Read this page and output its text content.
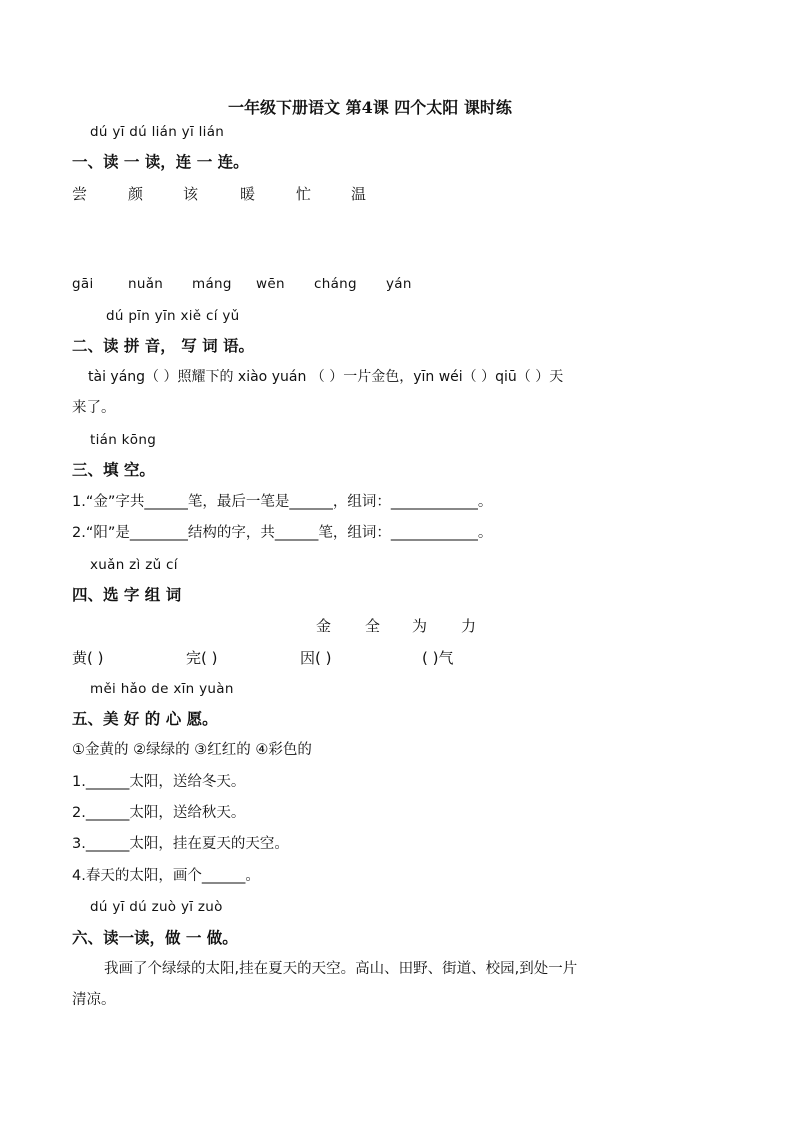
一年级下册语文 第4课 四个太阳 课时练
dú yī dú lián yī lián
一、读 一 读，连 一 连。
尝	颜	该	暖	忙	温
gāi	nuǎn máng wēn cháng yán
dú pīn yīn xiě cí yǔ
二、读 拼 音， 写 词 语。
tài yáng（ ）照耀下的 xiào yuán （ ）一片金色，yīn wéi（ ）qiū（ ）天
来了。
tián kōng
三、填 空。
1.“金”字共______笔，最后一笔是______，组词：____________。
2.“阳”是________结构的字，共______笔，组词：____________。
xuǎn zì zǔ cí
四、选 字 组 词
金 全 为 力
黄( )	完( )	因( )	( )气
měi hǎo de xīn yuàn
五、美 好 的 心 愿。
①金黄的 ②绿绿的 ③红红的 ④彩色的
1.______太阳，送给冬天。
2.______太阳，送给秋天。
3.______太阳，挂在夏天的天空。
4.春天的太阳，画个______。
dú yī dú zuò yī zuò
六、读一读，做 一 做。
我画了个绿绿的太阳,挂在夏天的天空。高山、田野、街道、校园,到处一片
清凉。
